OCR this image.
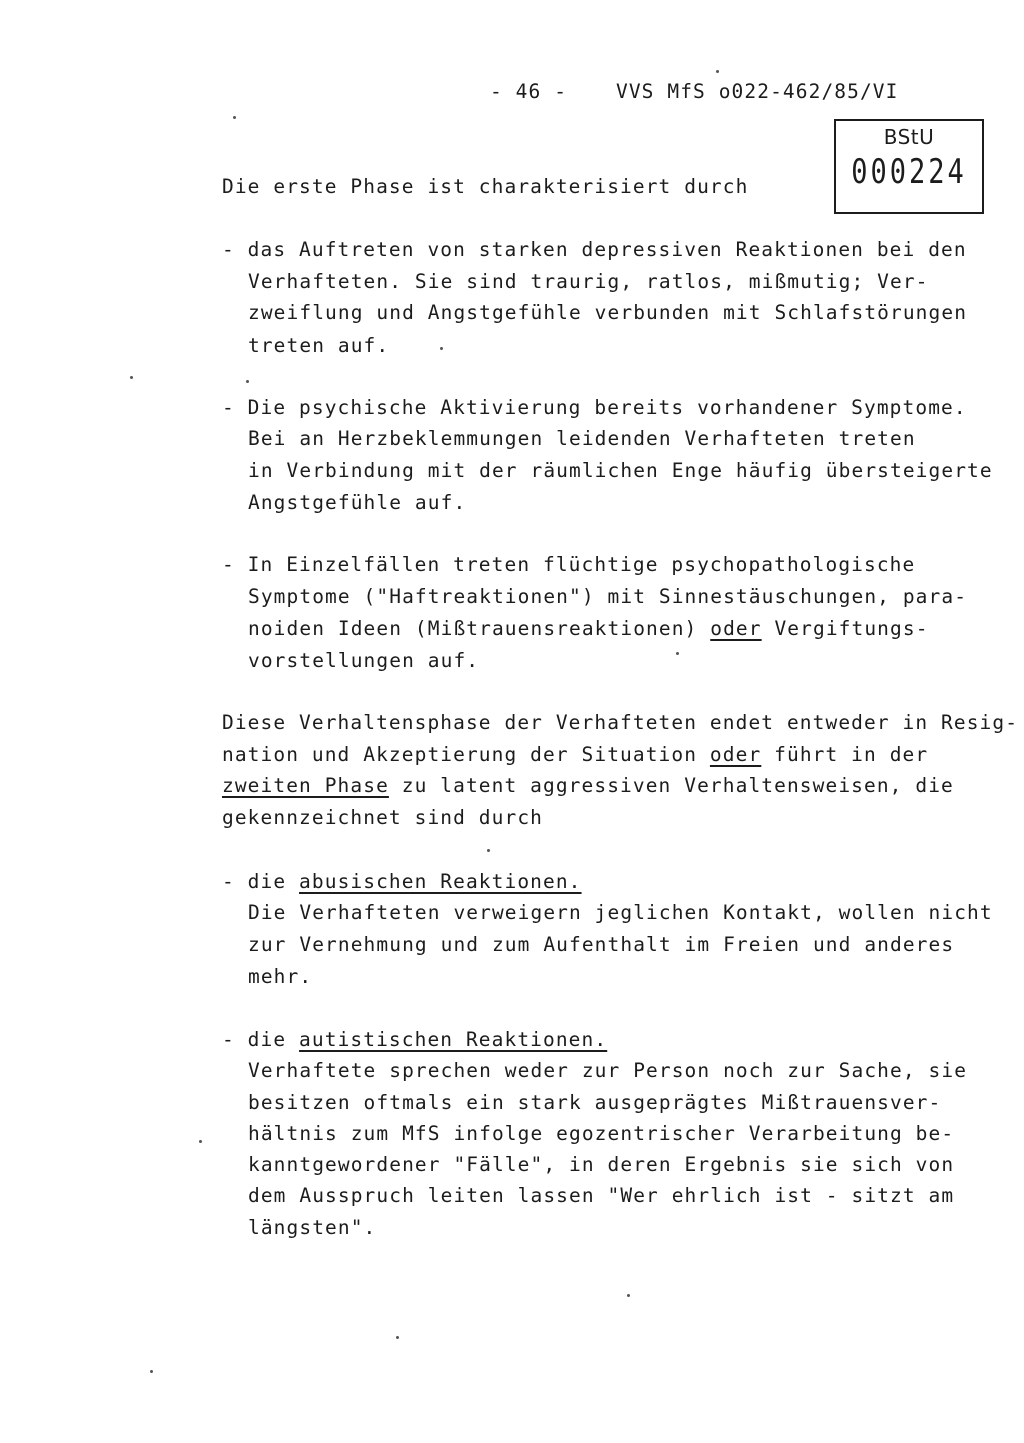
- 46 -	VVS MfS o022-462/85/VI
BStU
000224
Die erste Phase ist charakterisiert durch
- das Auftreten von starken depressiven Reaktionen bei den
Verhafteten. Sie sind traurig, ratlos, mißmutig; Ver-
zweiflung und Angstgefühle verbunden mit Schlafstörungen
treten auf.
- Die psychische Aktivierung bereits vorhandener Symptome.
Bei an Herzbeklemmungen leidenden Verhafteten treten
in Verbindung mit der räumlichen Enge häufig übersteigerte
Angstgefühle auf.
- In Einzelfällen treten flüchtige psychopathologische
Symptome ("Haftreaktionen") mit Sinnestäuschungen, para-
noiden Ideen (Mißtrauensreaktionen) oder Vergiftungs-
vorstellungen auf.
Diese Verhaltensphase der Verhafteten endet entweder in Resig-
nation und Akzeptierung der Situation oder führt in der
zweiten Phase zu latent aggressiven Verhaltensweisen, die
gekennzeichnet sind durch
- die abusischen Reaktionen.
Die Verhafteten verweigern jeglichen Kontakt, wollen nicht
zur Vernehmung und zum Aufenthalt im Freien und anderes
mehr.
- die autistischen Reaktionen.
Verhaftete sprechen weder zur Person noch zur Sache, sie
besitzen oftmals ein stark ausgeprägtes Mißtrauensver-
hältnis zum MfS infolge egozentrischer Verarbeitung be-
kanntgewordener "Fälle", in deren Ergebnis sie sich von
dem Ausspruch leiten lassen "Wer ehrlich ist - sitzt am
längsten".
